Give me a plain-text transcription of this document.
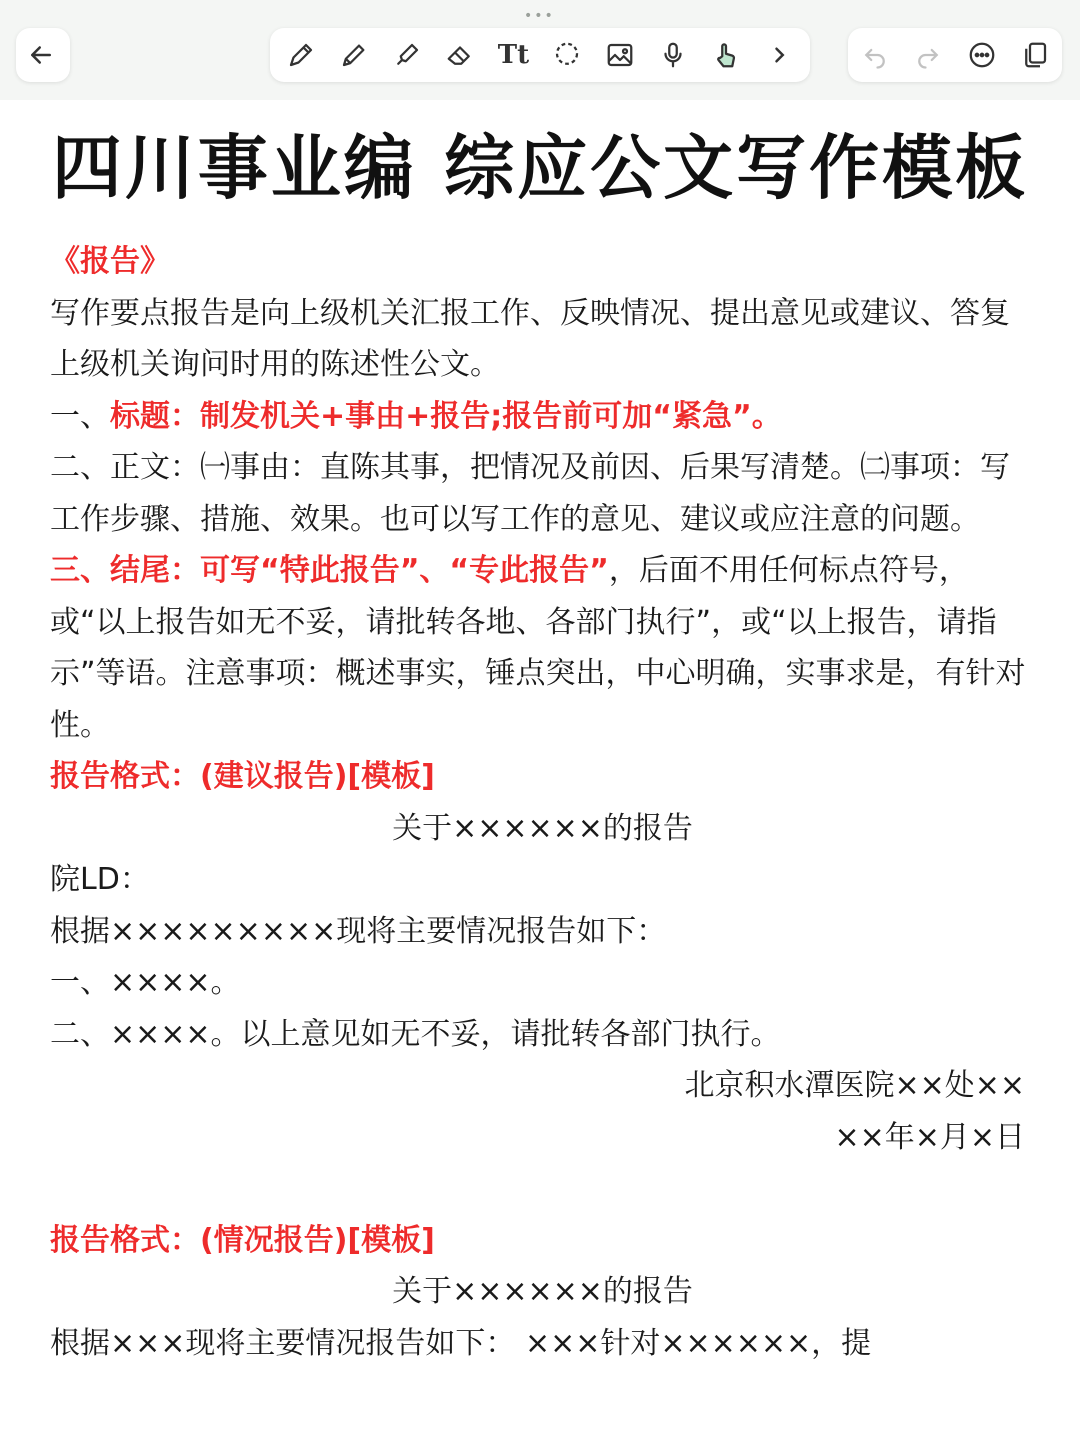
•••
Tt
四川事业编 综应公文写作模板

《报告》

写作要点报告是向上级机关汇报工作、反映情况、提出意见或建议、答复上级机关询问时用的陈述性公文。

一、标题：制发机关+事由+报告;报告前可加“紧急”。

二、正文：㈠事由：直陈其事，把情况及前因、后果写清楚。㈡事项：写工作步骤、措施、效果。也可以写工作的意见、建议或应注意的问题。

三、结尾：可写“特此报告”、“专此报告”，后面不用任何标点符号，或“以上报告如无不妥，请批转各地、各部门执行”，或“以上报告，请指示”等语。注意事项：概述事实，锤点突出，中心明确，实事求是，有针对性。

报告格式：(建议报告)[模板]

关于××××××的报告

院LD：

根据×××××××××现将主要情况报告如下：

一、××××。

二、××××。以上意见如无不妥，请批转各部门执行。

北京积水潭医院××处××

××年×月×日

报告格式：(情况报告)[模板]

关于××××××的报告

根据×××现将主要情况报告如下： ×××针对××××××，提
